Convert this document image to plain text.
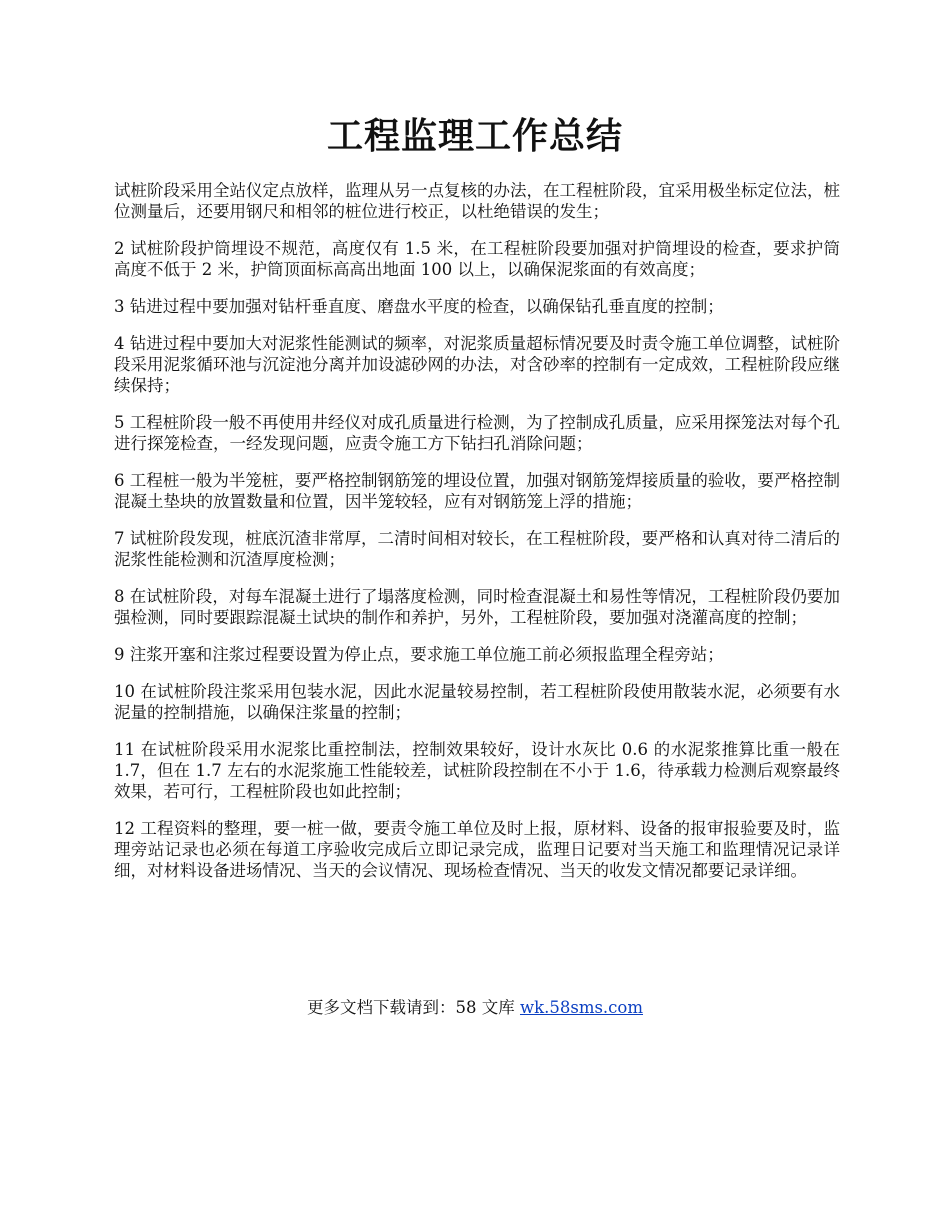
工程监理工作总结

试桩阶段采用全站仪定点放样，监理从另一点复核的办法，在工程桩阶段，宜采用极坐标定位法，桩位测量后，还要用钢尺和相邻的桩位进行校正，以杜绝错误的发生；

2 试桩阶段护筒埋设不规范，高度仅有 1.5 米，在工程桩阶段要加强对护筒埋设的检查，要求护筒高度不低于 2 米，护筒顶面标高高出地面 100 以上，以确保泥浆面的有效高度；

3 钻进过程中要加强对钻杆垂直度、磨盘水平度的检查，以确保钻孔垂直度的控制；

4 钻进过程中要加大对泥浆性能测试的频率，对泥浆质量超标情况要及时责令施工单位调整，试桩阶段采用泥浆循环池与沉淀池分离并加设滤砂网的办法，对含砂率的控制有一定成效，工程桩阶段应继续保持；

5 工程桩阶段一般不再使用井经仪对成孔质量进行检测，为了控制成孔质量，应采用探笼法对每个孔进行探笼检查，一经发现问题，应责令施工方下钻扫孔消除问题；

6 工程桩一般为半笼桩，要严格控制钢筋笼的埋设位置，加强对钢筋笼焊接质量的验收，要严格控制混凝土垫块的放置数量和位置，因半笼较轻，应有对钢筋笼上浮的措施；

7 试桩阶段发现，桩底沉渣非常厚，二清时间相对较长，在工程桩阶段，要严格和认真对待二清后的泥浆性能检测和沉渣厚度检测；

8 在试桩阶段，对每车混凝土进行了塌落度检测，同时检查混凝土和易性等情况，工程桩阶段仍要加强检测，同时要跟踪混凝土试块的制作和养护，另外，工程桩阶段，要加强对浇灌高度的控制；

9 注浆开塞和注浆过程要设置为停止点，要求施工单位施工前必须报监理全程旁站；

10 在试桩阶段注浆采用包装水泥，因此水泥量较易控制，若工程桩阶段使用散装水泥，必须要有水泥量的控制措施，以确保注浆量的控制；

11 在试桩阶段采用水泥浆比重控制法，控制效果较好，设计水灰比 0.6 的水泥浆推算比重一般在 1.7，但在 1.7 左右的水泥浆施工性能较差，试桩阶段控制在不小于 1.6，待承载力检测后观察最终效果，若可行，工程桩阶段也如此控制；

12 工程资料的整理，要一桩一做，要责令施工单位及时上报，原材料、设备的报审报验要及时，监理旁站记录也必须在每道工序验收完成后立即记录完成，监理日记要对当天施工和监理情况记录详细，对材料设备进场情况、当天的会议情况、现场检查情况、当天的收发文情况都要记录详细。

更多文档下载请到：58 文库 wk.58sms.com
